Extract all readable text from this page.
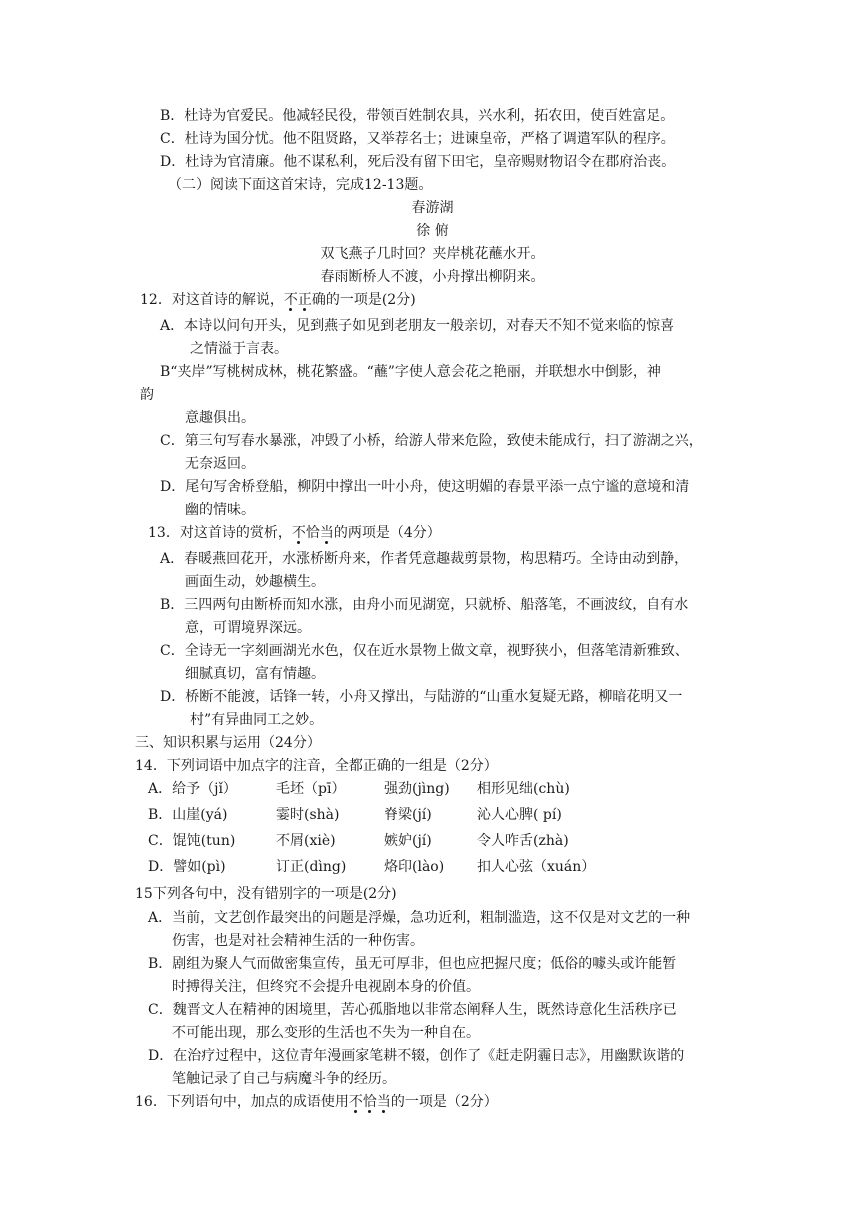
B．杜诗为官爱民。他减轻民役，带领百姓制农具，兴水利，拓农田，使百姓富足。
C．杜诗为国分忧。他不阻贤路，又举荐名士；进谏皇帝，严格了调遣军队的程序。
D．杜诗为官清廉。他不谋私利，死后没有留下田宅，皇帝赐财物诏令在郡府治丧。
（二）阅读下面这首宋诗，完成12-13题。
春游湖
徐 俯
双飞燕子几时回？夹岸桃花蘸水开。
春雨断桥人不渡，小舟撑出柳阴来。
12．对这首诗的解说，不正确的一项是(2分)
A．本诗以问句开头，见到燕子如见到老朋友一般亲切，对春天不知不觉来临的惊喜
之情溢于言表。
B“夹岸”写桃树成林，桃花繁盛。“蘸”字使人意会花之艳丽，并联想水中倒影，神
韵
意趣俱出。
C．第三句写春水暴涨，冲毁了小桥，给游人带来危险，致使未能成行，扫了游湖之兴，
无奈返回。
D．尾句写舍桥登船，柳阴中撑出一叶小舟，使这明媚的春景平添一点宁谧的意境和清
幽的情味。
13．对这首诗的赏析，不恰当的两项是（4分）
A．春暖燕回花开，水涨桥断舟来，作者凭意趣裁剪景物，构思精巧。全诗由动到静，
画面生动，妙趣横生。
B．三四两句由断桥而知水涨，由舟小而见湖宽，只就桥、船落笔，不画波纹，自有水
意，可谓境界深远。
C．全诗无一字刻画湖光水色，仅在近水景物上做文章，视野狭小，但落笔清新雅致、
细腻真切，富有情趣。
D．桥断不能渡，话锋一转，小舟又撑出，与陆游的“山重水复疑无路，柳暗花明又一
村”有异曲同工之妙。
三、知识积累与运用（24分）
14．下列词语中加点字的注音，全都正确的一组是（2分）
A．给予（jǐ）	毛坯（pī）	强劲(jìng) 相形见绌(chù)
B．山崖(yá)	霎时(shà)	脊梁(jí)	沁人心脾( pí)
C．馄饨(tun)	不屑(xiè)	嫉妒(jí)	令人咋舌(zhà)
D．譬如(pì)	订正(dìng)	烙印(lào) 扣人心弦（xuán）
15下列各句中，没有错别字的一项是(2分)
A．当前，文艺创作最突出的问题是浮燥，急功近利，粗制滥造，这不仅是对文艺的一种
伤害，也是对社会精神生活的一种伤害。
B．剧组为聚人气而做密集宣传，虽无可厚非，但也应把握尺度；低俗的噱头或许能暂
时搏得关注，但终究不会提升电视剧本身的价值。
C．魏晋文人在精神的困境里，苦心孤脂地以非常态阐释人生，既然诗意化生活秩序已
不可能出现，那么变形的生活也不失为一种自在。
D．在治疗过程中，这位青年漫画家笔耕不辍，创作了《赶走阴霾日志》，用幽默诙谐的
笔触记录了自己与病魔斗争的经历。
16．下列语句中，加点的成语使用不恰当的一项是（2分）
